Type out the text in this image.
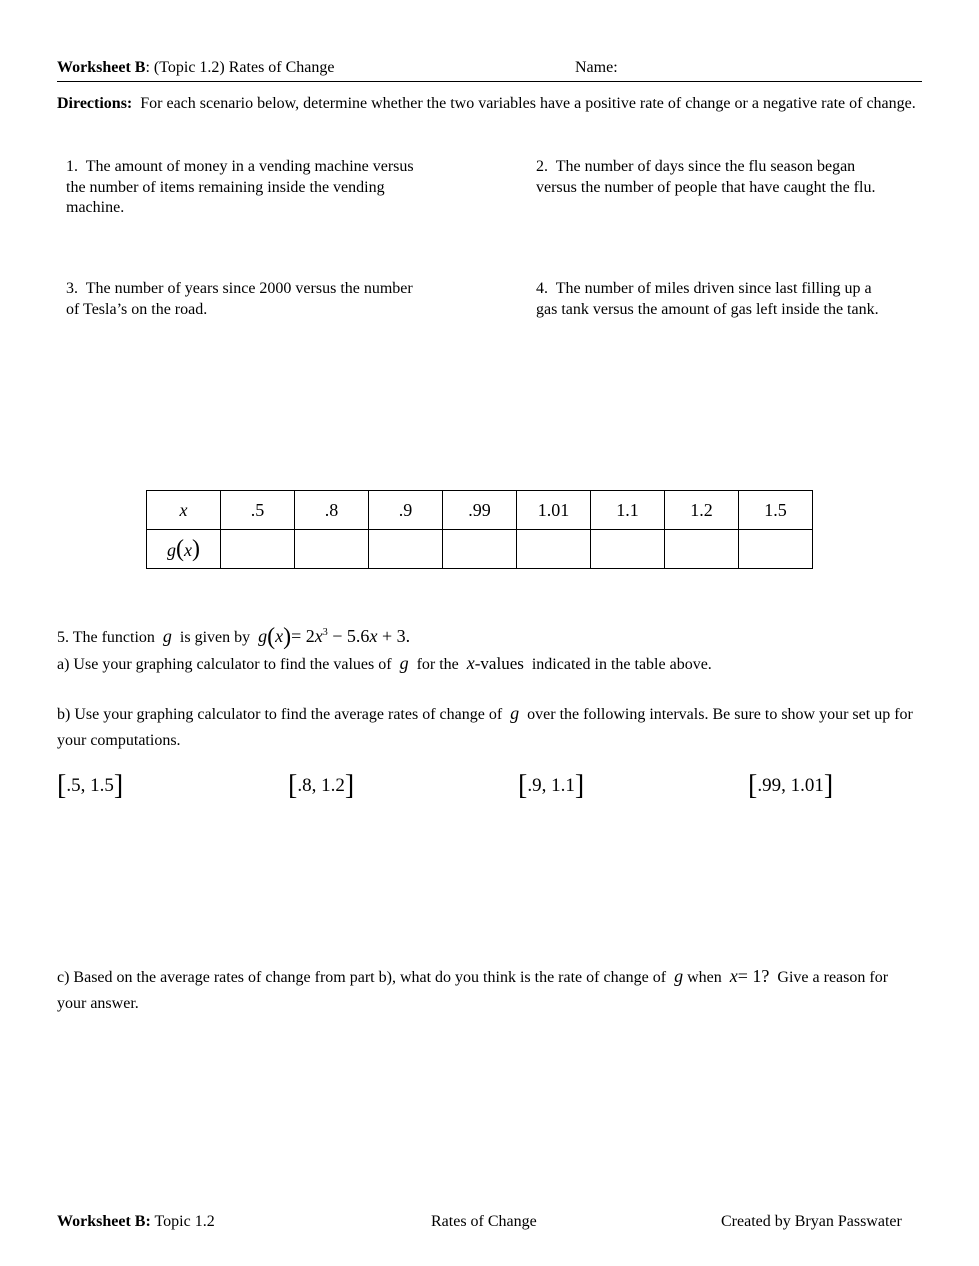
Worksheet B: (Topic 1.2) Rates of Change	Name:
Directions: For each scenario below, determine whether the two variables have a positive rate of change or a negative rate of change.
1. The amount of money in a vending machine versus the number of items remaining inside the vending machine.
2. The number of days since the flu season began versus the number of people that have caught the flu.
3. The number of years since 2000 versus the number of Tesla’s on the road.
4. The number of miles driven since last filling up a gas tank versus the amount of gas left inside the tank.
x	.5	.8	.9	.99	1.01	1.1	1.2	1.5
g(x)								
5. The function g is given by $g(x)= 2x^3 - 5.6x + 3$.
a) Use your graphing calculator to find the values of g for the x-values indicated in the table above.
b) Use your graphing calculator to find the average rates of change of g over the following intervals. Be sure to show your set up for your computations.
[.5, 1.5]	[.8, 1.2]	[.9, 1.1]	[.99, 1.01]
c) Based on the average rates of change from part b), what do you think is the rate of change of g when x= 1? Give a reason for your answer.
Worksheet B: Topic 1.2	Rates of Change	Created by Bryan Passwater
